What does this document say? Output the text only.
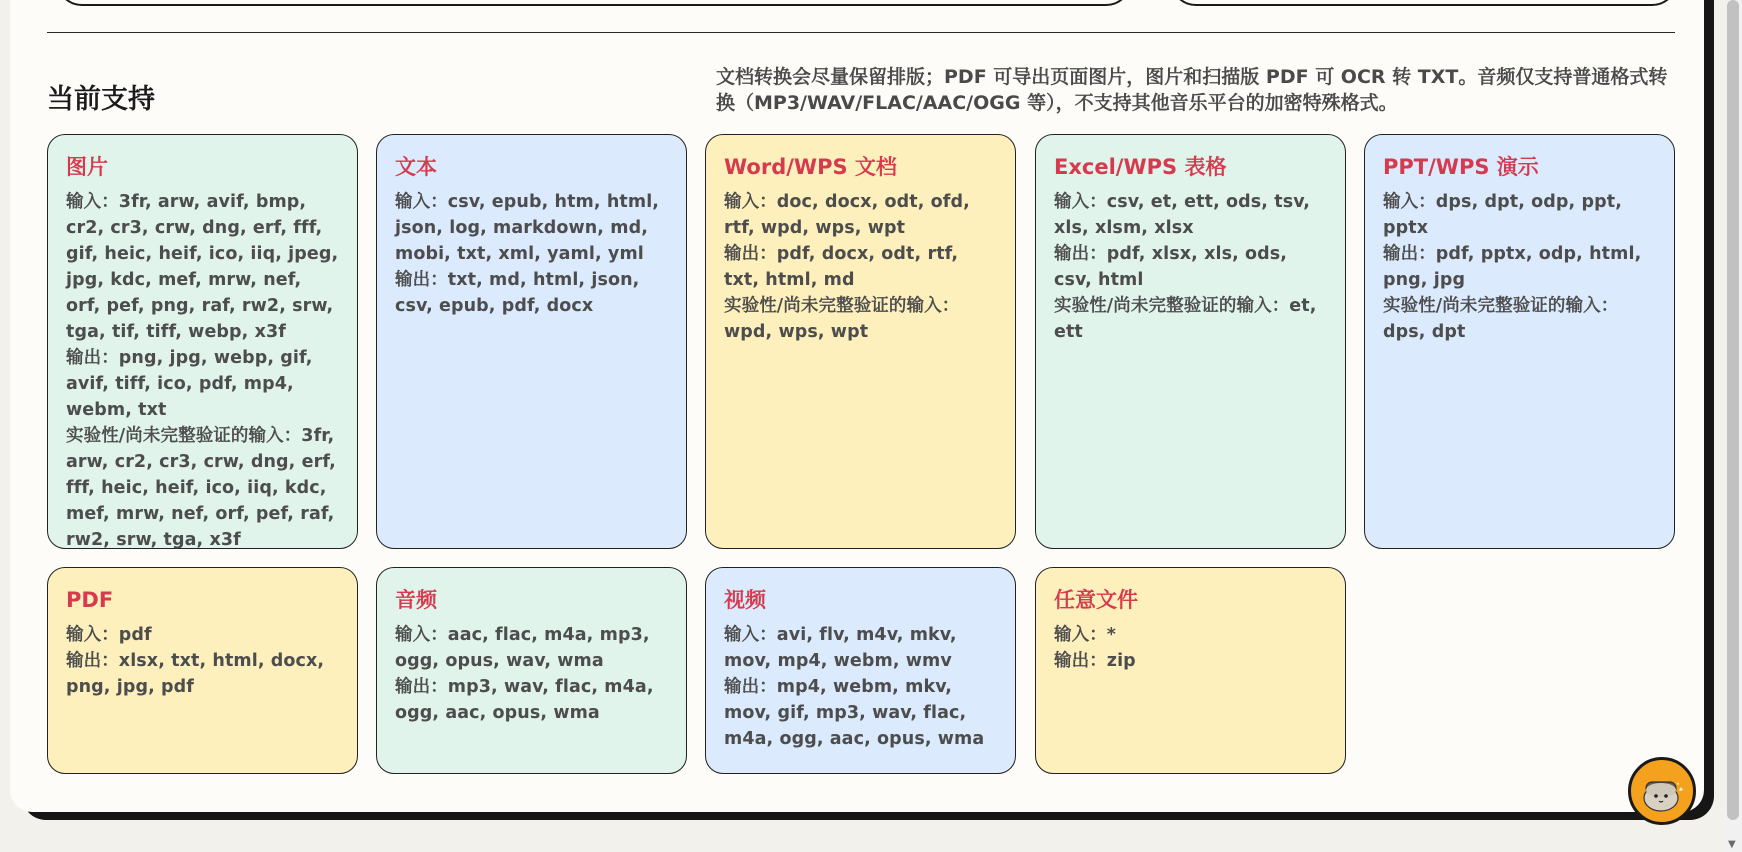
当前支持
文档转换会尽量保留排版；PDF 可导出页面图片，图片和扫描版 PDF 可 OCR 转 TXT。音频仅支持普通格式转换（MP3/WAV/FLAC/AAC/OGG 等），不支持其他音乐平台的加密特殊格式。
图片
输入：3fr, arw, avif, bmp, cr2, cr3, crw, dng, erf, fff, gif, heic, heif, ico, iiq, jpeg, jpg, kdc, mef, mrw, nef, orf, pef, png, raf, rw2, srw, tga, tif, tiff, webp, x3f
输出：png, jpg, webp, gif, avif, tiff, ico, pdf, mp4, webm, txt
实验性/尚未完整验证的输入：3fr, arw, cr2, cr3, crw, dng, erf, fff, heic, heif, ico, iiq, kdc, mef, mrw, nef, orf, pef, raf, rw2, srw, tga, x3f
文本
输入：csv, epub, htm, html, json, log, markdown, md, mobi, txt, xml, yaml, yml
输出：txt, md, html, json, csv, epub, pdf, docx
Word/WPS 文档
输入：doc, docx, odt, ofd, rtf, wpd, wps, wpt
输出：pdf, docx, odt, rtf, txt, html, md
实验性/尚未完整验证的输入：wpd, wps, wpt
Excel/WPS 表格
输入：csv, et, ett, ods, tsv, xls, xlsm, xlsx
输出：pdf, xlsx, xls, ods, csv, html
实验性/尚未完整验证的输入：et, ett
PPT/WPS 演示
输入：dps, dpt, odp, ppt, pptx
输出：pdf, pptx, odp, html, png, jpg
实验性/尚未完整验证的输入：dps, dpt
PDF
输入：pdf
输出：xlsx, txt, html, docx, png, jpg, pdf
音频
输入：aac, flac, m4a, mp3, ogg, opus, wav, wma
输出：mp3, wav, flac, m4a, ogg, aac, opus, wma
视频
输入：avi, flv, m4v, mkv, mov, mp4, webm, wmv
输出：mp4, webm, mkv, mov, gif, mp3, wav, flac, m4a, ogg, aac, opus, wma
任意文件
输入：*
输出：zip
▼
